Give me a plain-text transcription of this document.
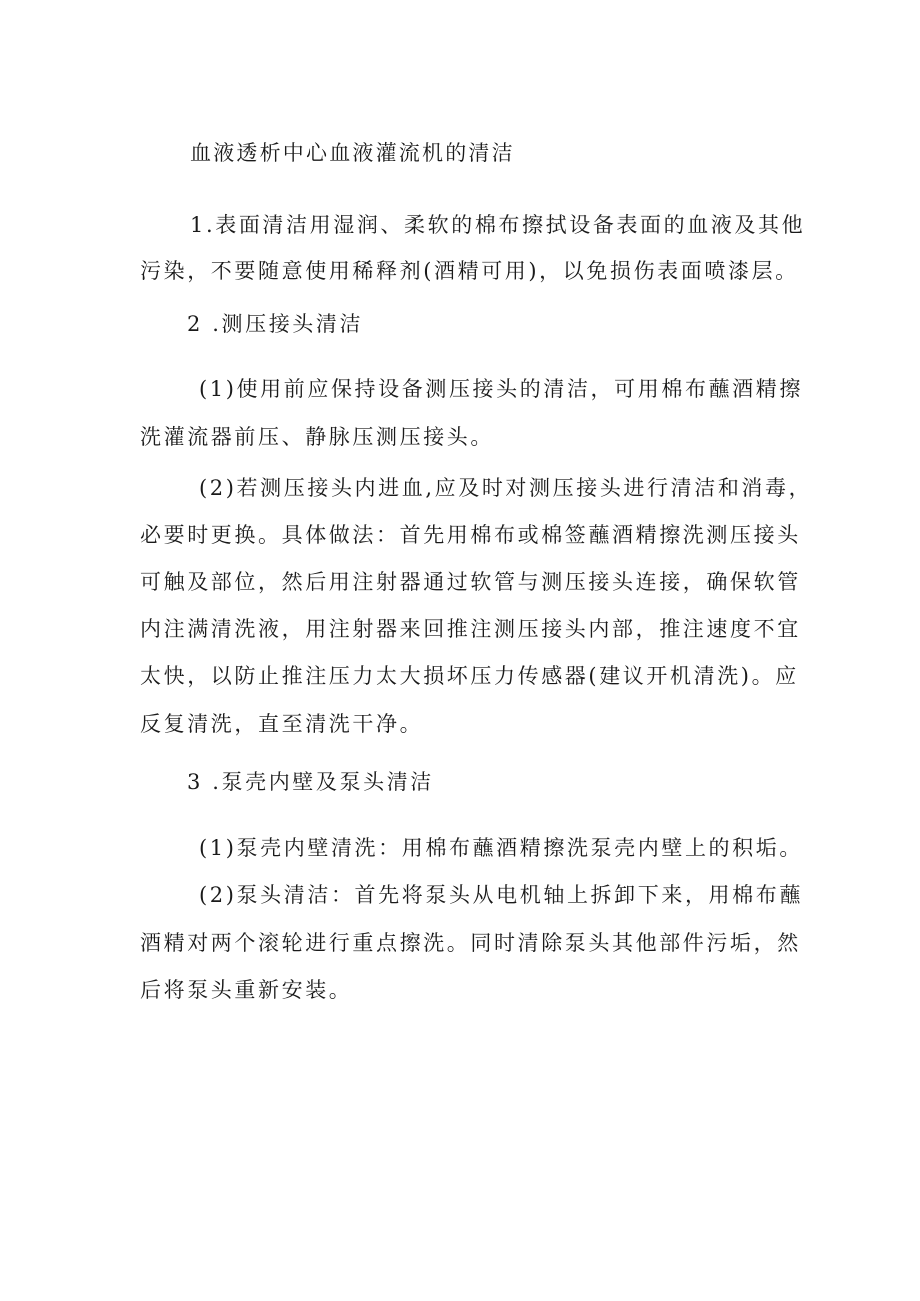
血液透析中心血液灌流机的清洁

1.表面清洁用湿润、柔软的棉布擦拭设备表面的血液及其他

污染，不要随意使用稀释剂(酒精可用)，以免损伤表面喷漆层。

2 .测压接头清洁

(1)使用前应保持设备测压接头的清洁，可用棉布蘸酒精擦

洗灌流器前压、静脉压测压接头。

(2)若测压接头内进血,应及时对测压接头进行清洁和消毒，

必要时更换。具体做法：首先用棉布或棉签蘸酒精擦洗测压接头

可触及部位，然后用注射器通过软管与测压接头连接，确保软管

内注满清洗液，用注射器来回推注测压接头内部，推注速度不宜

太快，以防止推注压力太大损坏压力传感器(建议开机清洗)。应

反复清洗，直至清洗干净。

3 .泵壳内壁及泵头清洁

(1)泵壳内壁清洗：用棉布蘸酒精擦洗泵壳内壁上的积垢。

(2)泵头清洁：首先将泵头从电机轴上拆卸下来，用棉布蘸

酒精对两个滚轮进行重点擦洗。同时清除泵头其他部件污垢，然

后将泵头重新安装。
